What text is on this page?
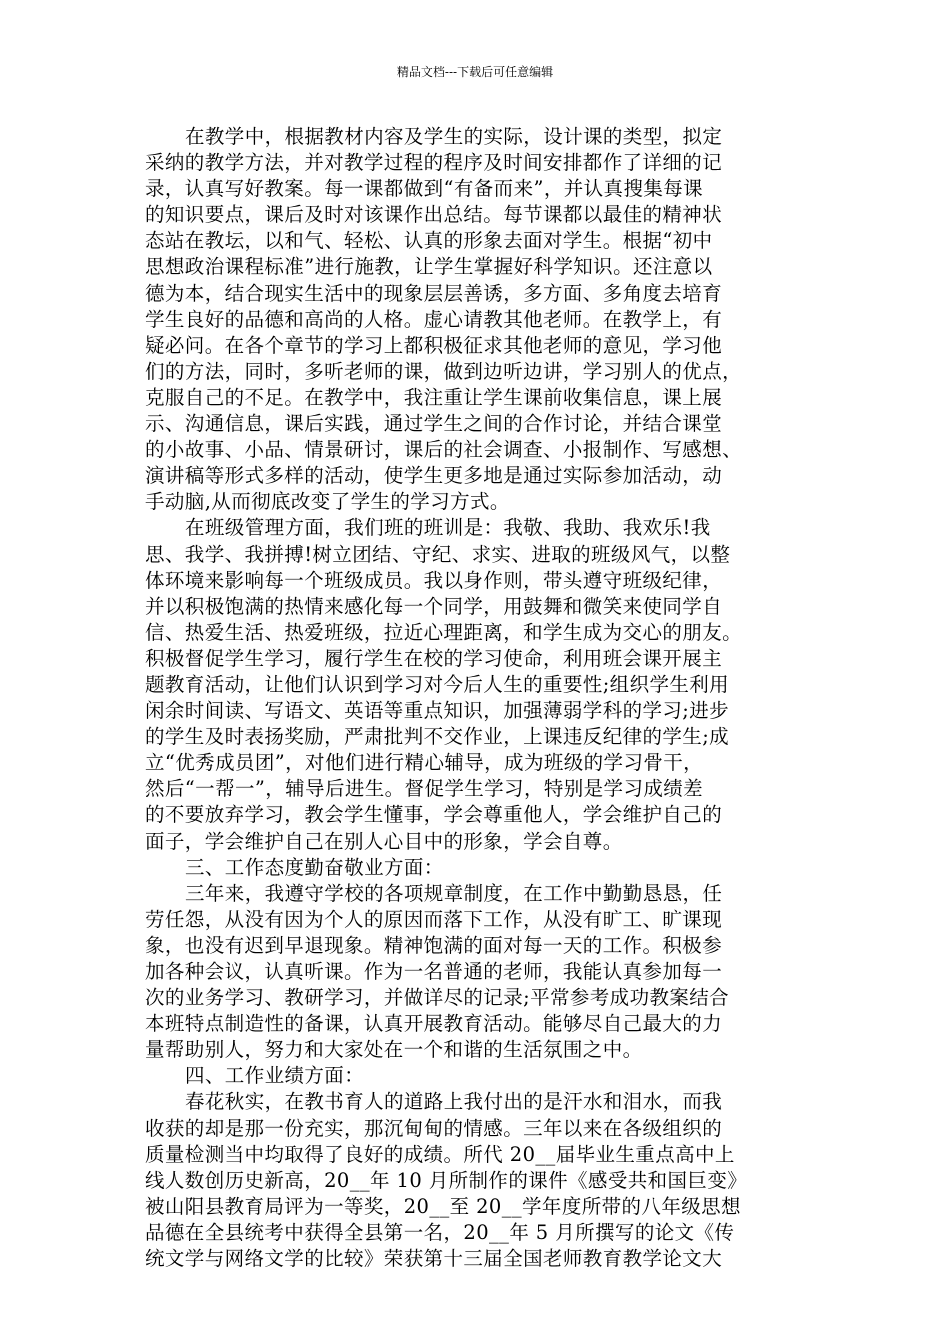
精品文档---下载后可任意编辑
在教学中，根据教材内容及学生的实际，设计课的类型，拟定
采纳的教学方法，并对教学过程的程序及时间安排都作了详细的记
录，认真写好教案。每一课都做到“有备而来”，并认真搜集每课
的知识要点，课后及时对该课作出总结。每节课都以最佳的精神状
态站在教坛，以和气、轻松、认真的形象去面对学生。根据“初中
思想政治课程标准”进行施教，让学生掌握好科学知识。还注意以
德为本，结合现实生活中的现象层层善诱，多方面、多角度去培育
学生良好的品德和高尚的人格。虚心请教其他老师。在教学上，有
疑必问。在各个章节的学习上都积极征求其他老师的意见，学习他
们的方法，同时，多听老师的课，做到边听边讲，学习别人的优点，
克服自己的不足。在教学中，我注重让学生课前收集信息，课上展
示、沟通信息，课后实践，通过学生之间的合作讨论，并结合课堂
的小故事、小品、情景研讨，课后的社会调查、小报制作、写感想、
演讲稿等形式多样的活动，使学生更多地是通过实际参加活动，动
手动脑,从而彻底改变了学生的学习方式。
在班级管理方面，我们班的班训是：我敬、我助、我欢乐!我
思、我学、我拼搏!树立团结、守纪、求实、进取的班级风气，以整
体环境来影响每一个班级成员。我以身作则，带头遵守班级纪律，
并以积极饱满的热情来感化每一个同学，用鼓舞和微笑来使同学自
信、热爱生活、热爱班级，拉近心理距离，和学生成为交心的朋友。
积极督促学生学习，履行学生在校的学习使命，利用班会课开展主
题教育活动，让他们认识到学习对今后人生的重要性;组织学生利用
闲余时间读、写语文、英语等重点知识，加强薄弱学科的学习;进步
的学生及时表扬奖励，严肃批判不交作业，上课违反纪律的学生;成
立“优秀成员团”，对他们进行精心辅导，成为班级的学习骨干，
然后“一帮一”，辅导后进生。督促学生学习，特别是学习成绩差
的不要放弃学习，教会学生懂事，学会尊重他人，学会维护自己的
面子，学会维护自己在别人心目中的形象，学会自尊。
三、工作态度勤奋敬业方面：
三年来，我遵守学校的各项规章制度，在工作中勤勤恳恳，任
劳任怨，从没有因为个人的原因而落下工作，从没有旷工、旷课现
象，也没有迟到早退现象。精神饱满的面对每一天的工作。积极参
加各种会议，认真听课。作为一名普通的老师，我能认真参加每一
次的业务学习、教研学习，并做详尽的记录;平常参考成功教案结合
本班特点制造性的备课，认真开展教育活动。能够尽自己最大的力
量帮助别人，努力和大家处在一个和谐的生活氛围之中。
四、工作业绩方面：
春花秋实，在教书育人的道路上我付出的是汗水和泪水，而我
收获的却是那一份充实，那沉甸甸的情感。三年以来在各级组织的
质量检测当中均取得了良好的成绩。所代 20__届毕业生重点高中上
线人数创历史新高，20__年 10 月所制作的课件《感受共和国巨变》
被山阳县教育局评为一等奖，20__至 20__学年度所带的八年级思想
品德在全县统考中获得全县第一名，20__年 5 月所撰写的论文《传
统文学与网络文学的比较》荣获第十三届全国老师教育教学论文大
